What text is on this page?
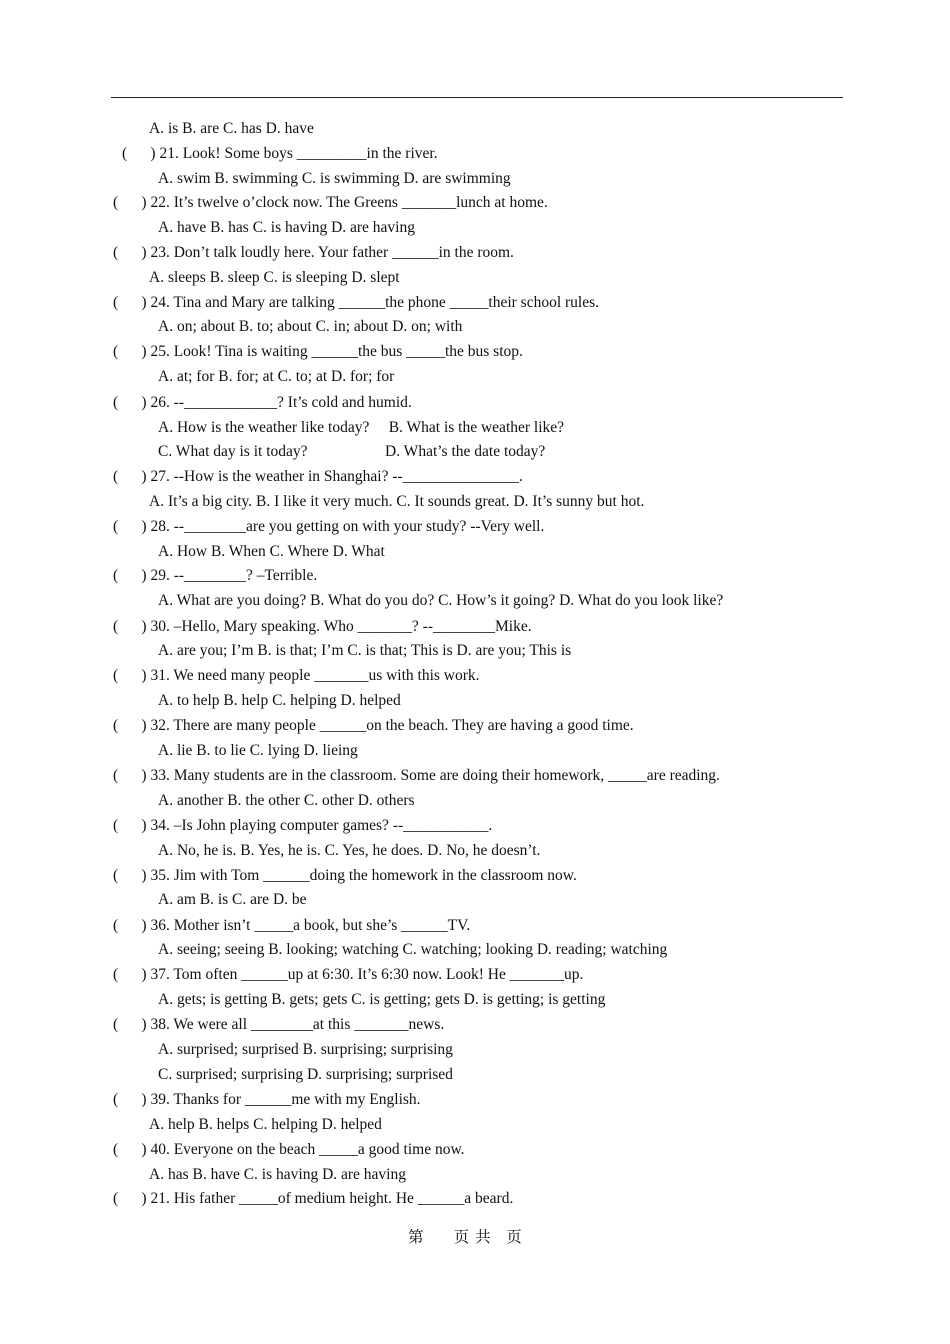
A. is B. are C. has D. have
(      ) 21. Look! Some boys _________in the river.
A. swim B. swimming C. is swimming D. are swimming
(      ) 22. It’s twelve o’clock now. The Greens _______lunch at home.
A. have B. has C. is having D. are having
(      ) 23. Don’t talk loudly here. Your father ______in the room.
A. sleeps B. sleep C. is sleeping D. slept
(      ) 24. Tina and Mary are talking ______the phone _____their school rules.
A. on; about B. to; about C. in; about D. on; with
(      ) 25. Look! Tina is waiting ______the bus _____the bus stop.
A. at; for B. for; at C. to; at D. for; for
(      ) 26. --____________? It’s cold and humid.
A. How is the weather like today?     B. What is the weather like?
C. What day is it today?                    D. What’s the date today?
(      ) 27. --How is the weather in Shanghai? --_______________.
A. It’s a big city. B. I like it very much. C. It sounds great. D. It’s sunny but hot.
(      ) 28. --________are you getting on with your study? --Very well.
A. How B. When C. Where D. What
(      ) 29. --________? –Terrible.
A. What are you doing? B. What do you do? C. How’s it going? D. What do you look like?
(      ) 30. –Hello, Mary speaking. Who _______? --________Mike.
A. are you; I’m B. is that; I’m C. is that; This is D. are you; This is
(      ) 31. We need many people _______us with this work.
A. to help B. help C. helping D. helped
(      ) 32. There are many people ______on the beach. They are having a good time.
A. lie B. to lie C. lying D. lieing
(      ) 33. Many students are in the classroom. Some are doing their homework, _____are reading.
A. another B. the other C. other D. others
(      ) 34. –Is John playing computer games? --___________.
A. No, he is. B. Yes, he is. C. Yes, he does. D. No, he doesn’t.
(      ) 35. Jim with Tom ______doing the homework in the classroom now.
A. am B. is C. are D. be
(      ) 36. Mother isn’t _____a book, but she’s ______TV.
A. seeing; seeing B. looking; watching C. watching; looking D. reading; watching
(      ) 37. Tom often ______up at 6:30. It’s 6:30 now. Look! He _______up.
A. gets; is getting B. gets; gets C. is getting; gets D. is getting; is getting
(      ) 38. We were all ________at this _______news.
A. surprised; surprised B. surprising; surprising
C. surprised; surprising D. surprising; surprised
(      ) 39. Thanks for ______me with my English.
A. help B. helps C. helping D. helped
(      ) 40. Everyone on the beach _____a good time now.
A. has B. have C. is having D. are having
(      ) 21. His father _____of medium height. He ______a beard.
第      页 共   页
